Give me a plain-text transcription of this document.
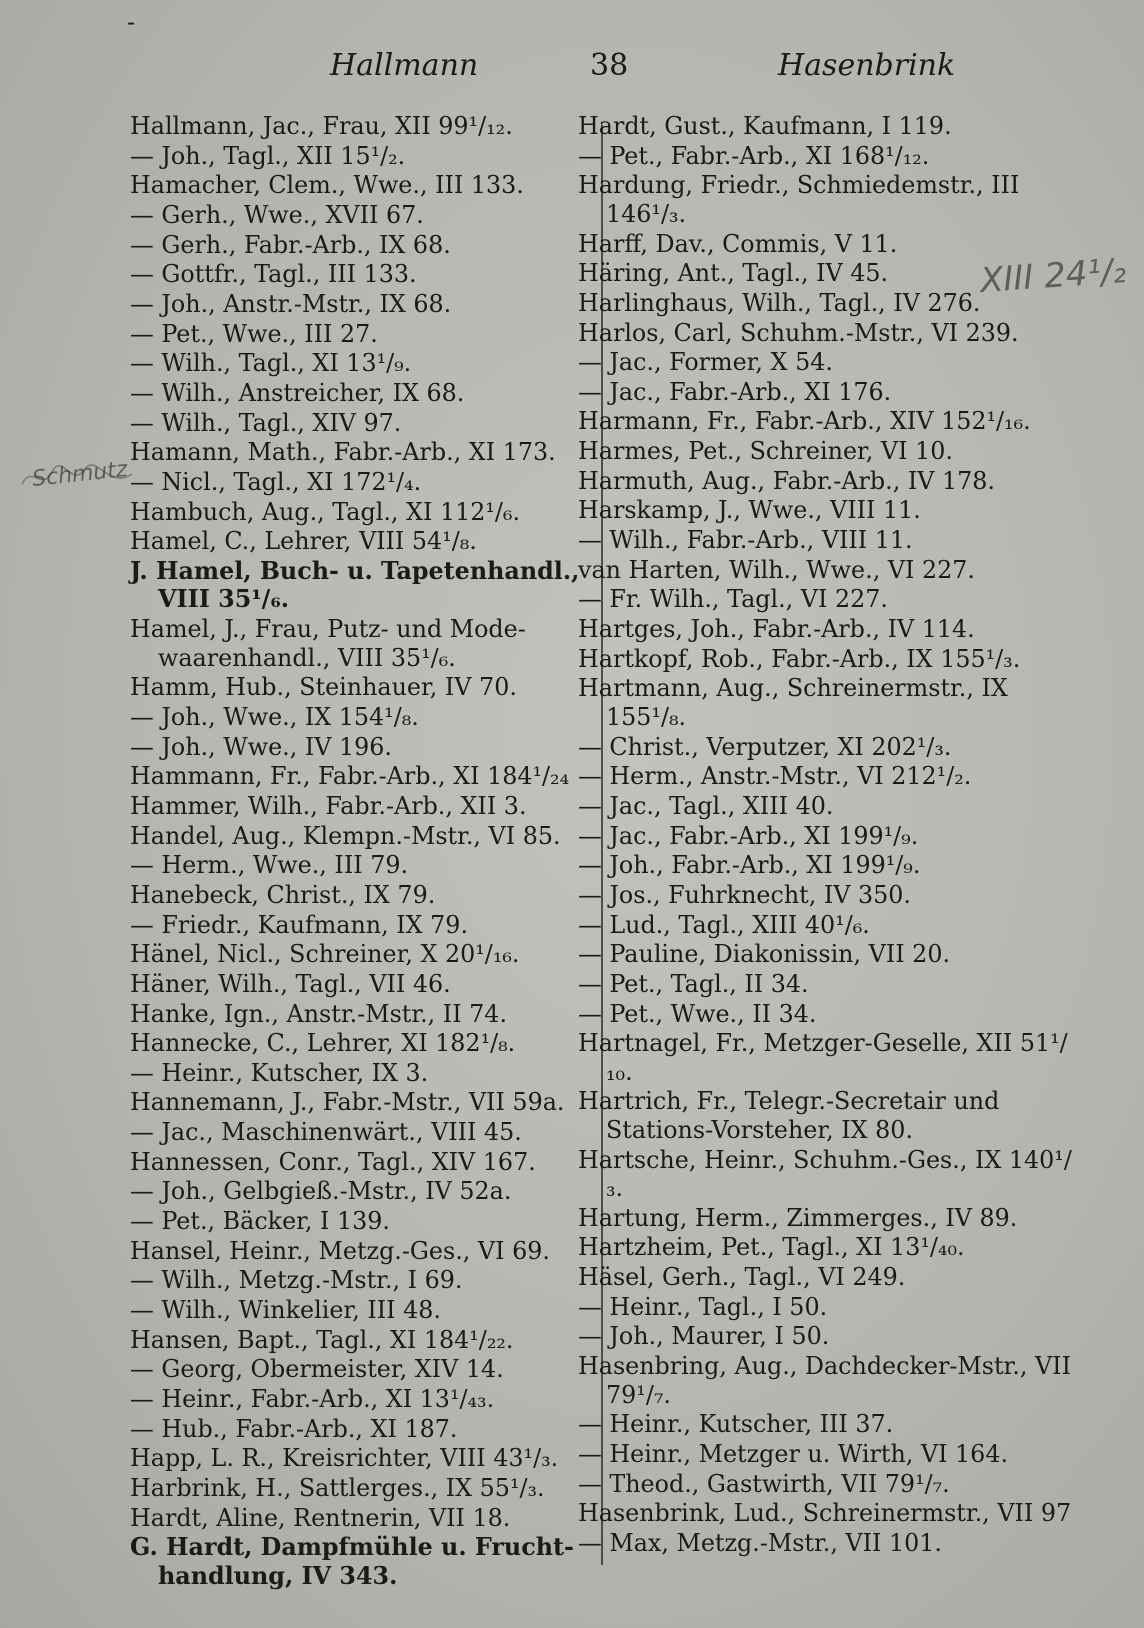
-
Hallmann	38	Hasenbrink
Hallmann, Jac., Frau, XII 99¹/₁₂.
— Joh., Tagl., XII 15¹/₂.
Hamacher, Clem., Wwe., III 133.
— Gerh., Wwe., XVII 67.
— Gerh., Fabr.-Arb., IX 68.
— Gottfr., Tagl., III 133.
— Joh., Anstr.-Mstr., IX 68.
— Pet., Wwe., III 27.
— Wilh., Tagl., XI 13¹/₉.
— Wilh., Anstreicher, IX 68.
— Wilh., Tagl., XIV 97.
Hamann, Math., Fabr.-Arb., XI 173.
— Nicl., Tagl., XI 172¹/₄.
Hambuch, Aug., Tagl., XI 112¹/₆.
Hamel, C., Lehrer, VIII 54¹/₈.
J. Hamel, Buch- u. Tapetenhandl., VIII 35¹/₆.
Hamel, J., Frau, Putz- und Mode- waarenhandl., VIII 35¹/₆.
Hamm, Hub., Steinhauer, IV 70.
— Joh., Wwe., IX 154¹/₈.
— Joh., Wwe., IV 196.
Hammann, Fr., Fabr.-Arb., XI 184¹/₂₄
Hammer, Wilh., Fabr.-Arb., XII 3.
Handel, Aug., Klempn.-Mstr., VI 85.
— Herm., Wwe., III 79.
Hanebeck, Christ., IX 79.
— Friedr., Kaufmann, IX 79.
Hänel, Nicl., Schreiner, X 20¹/₁₆.
Häner, Wilh., Tagl., VII 46.
Hanke, Ign., Anstr.-Mstr., II 74.
Hannecke, C., Lehrer, XI 182¹/₈.
— Heinr., Kutscher, IX 3.
Hannemann, J., Fabr.-Mstr., VII 59a.
— Jac., Maschinenwärt., VIII 45.
Hannessen, Conr., Tagl., XIV 167.
— Joh., Gelbgieß.-Mstr., IV 52a.
— Pet., Bäcker, I 139.
Hansel, Heinr., Metzg.-Ges., VI 69.
— Wilh., Metzg.-Mstr., I 69.
— Wilh., Winkelier, III 48.
Hansen, Bapt., Tagl., XI 184¹/₂₂.
— Georg, Obermeister, XIV 14.
— Heinr., Fabr.-Arb., XI 13¹/₄₃.
— Hub., Fabr.-Arb., XI 187.
Happ, L. R., Kreisrichter, VIII 43¹/₃.
Harbrink, H., Sattlerges., IX 55¹/₃.
Hardt, Aline, Rentnerin, VII 18.
G. Hardt, Dampfmühle u. Frucht- handlung, IV 343.
Hardt, Gust., Kaufmann, I 119.
— Pet., Fabr.-Arb., XI 168¹/₁₂.
Hardung, Friedr., Schmiedemstr., III 146¹/₃.
Harff, Dav., Commis, V 11.
Häring, Ant., Tagl., IV 45.
Harlinghaus, Wilh., Tagl., IV 276.
Harlos, Carl, Schuhm.-Mstr., VI 239.
— Jac., Former, X 54.
— Jac., Fabr.-Arb., XI 176.
Harmann, Fr., Fabr.-Arb., XIV 152¹/₁₆.
Harmes, Pet., Schreiner, VI 10.
Harmuth, Aug., Fabr.-Arb., IV 178.
Harskamp, J., Wwe., VIII 11.
— Wilh., Fabr.-Arb., VIII 11.
van Harten, Wilh., Wwe., VI 227.
— Fr. Wilh., Tagl., VI 227.
Hartges, Joh., Fabr.-Arb., IV 114.
Hartkopf, Rob., Fabr.-Arb., IX 155¹/₃.
Hartmann, Aug., Schreinermstr., IX 155¹/₈.
— Christ., Verputzer, XI 202¹/₃.
— Herm., Anstr.-Mstr., VI 212¹/₂.
— Jac., Tagl., XIII 40.
— Jac., Fabr.-Arb., XI 199¹/₉.
— Joh., Fabr.-Arb., XI 199¹/₉.
— Jos., Fuhrknecht, IV 350.
— Lud., Tagl., XIII 40¹/₆.
— Pauline, Diakonissin, VII 20.
— Pet., Tagl., II 34.
— Pet., Wwe., II 34.
Hartnagel, Fr., Metzger-Geselle, XII 51¹/₁₀.
Hartrich, Fr., Telegr.-Secretair und Stations-Vorsteher, IX 80.
Hartsche, Heinr., Schuhm.-Ges., IX 140¹/₃.
Hartung, Herm., Zimmerges., IV 89.
Hartzheim, Pet., Tagl., XI 13¹/₄₀.
Häsel, Gerh., Tagl., VI 249.
— Heinr., Tagl., I 50.
— Joh., Maurer, I 50.
Hasenbring, Aug., Dachdecker-Mstr., VII 79¹/₇.
— Heinr., Kutscher, III 37.
— Heinr., Metzger u. Wirth, VI 164.
— Theod., Gastwirth, VII 79¹/₇.
Hasenbrink, Lud., Schreinermstr., VII 97
— Max, Metzg.-Mstr., VII 101.
Schmutz
XIII 24¹/₂
